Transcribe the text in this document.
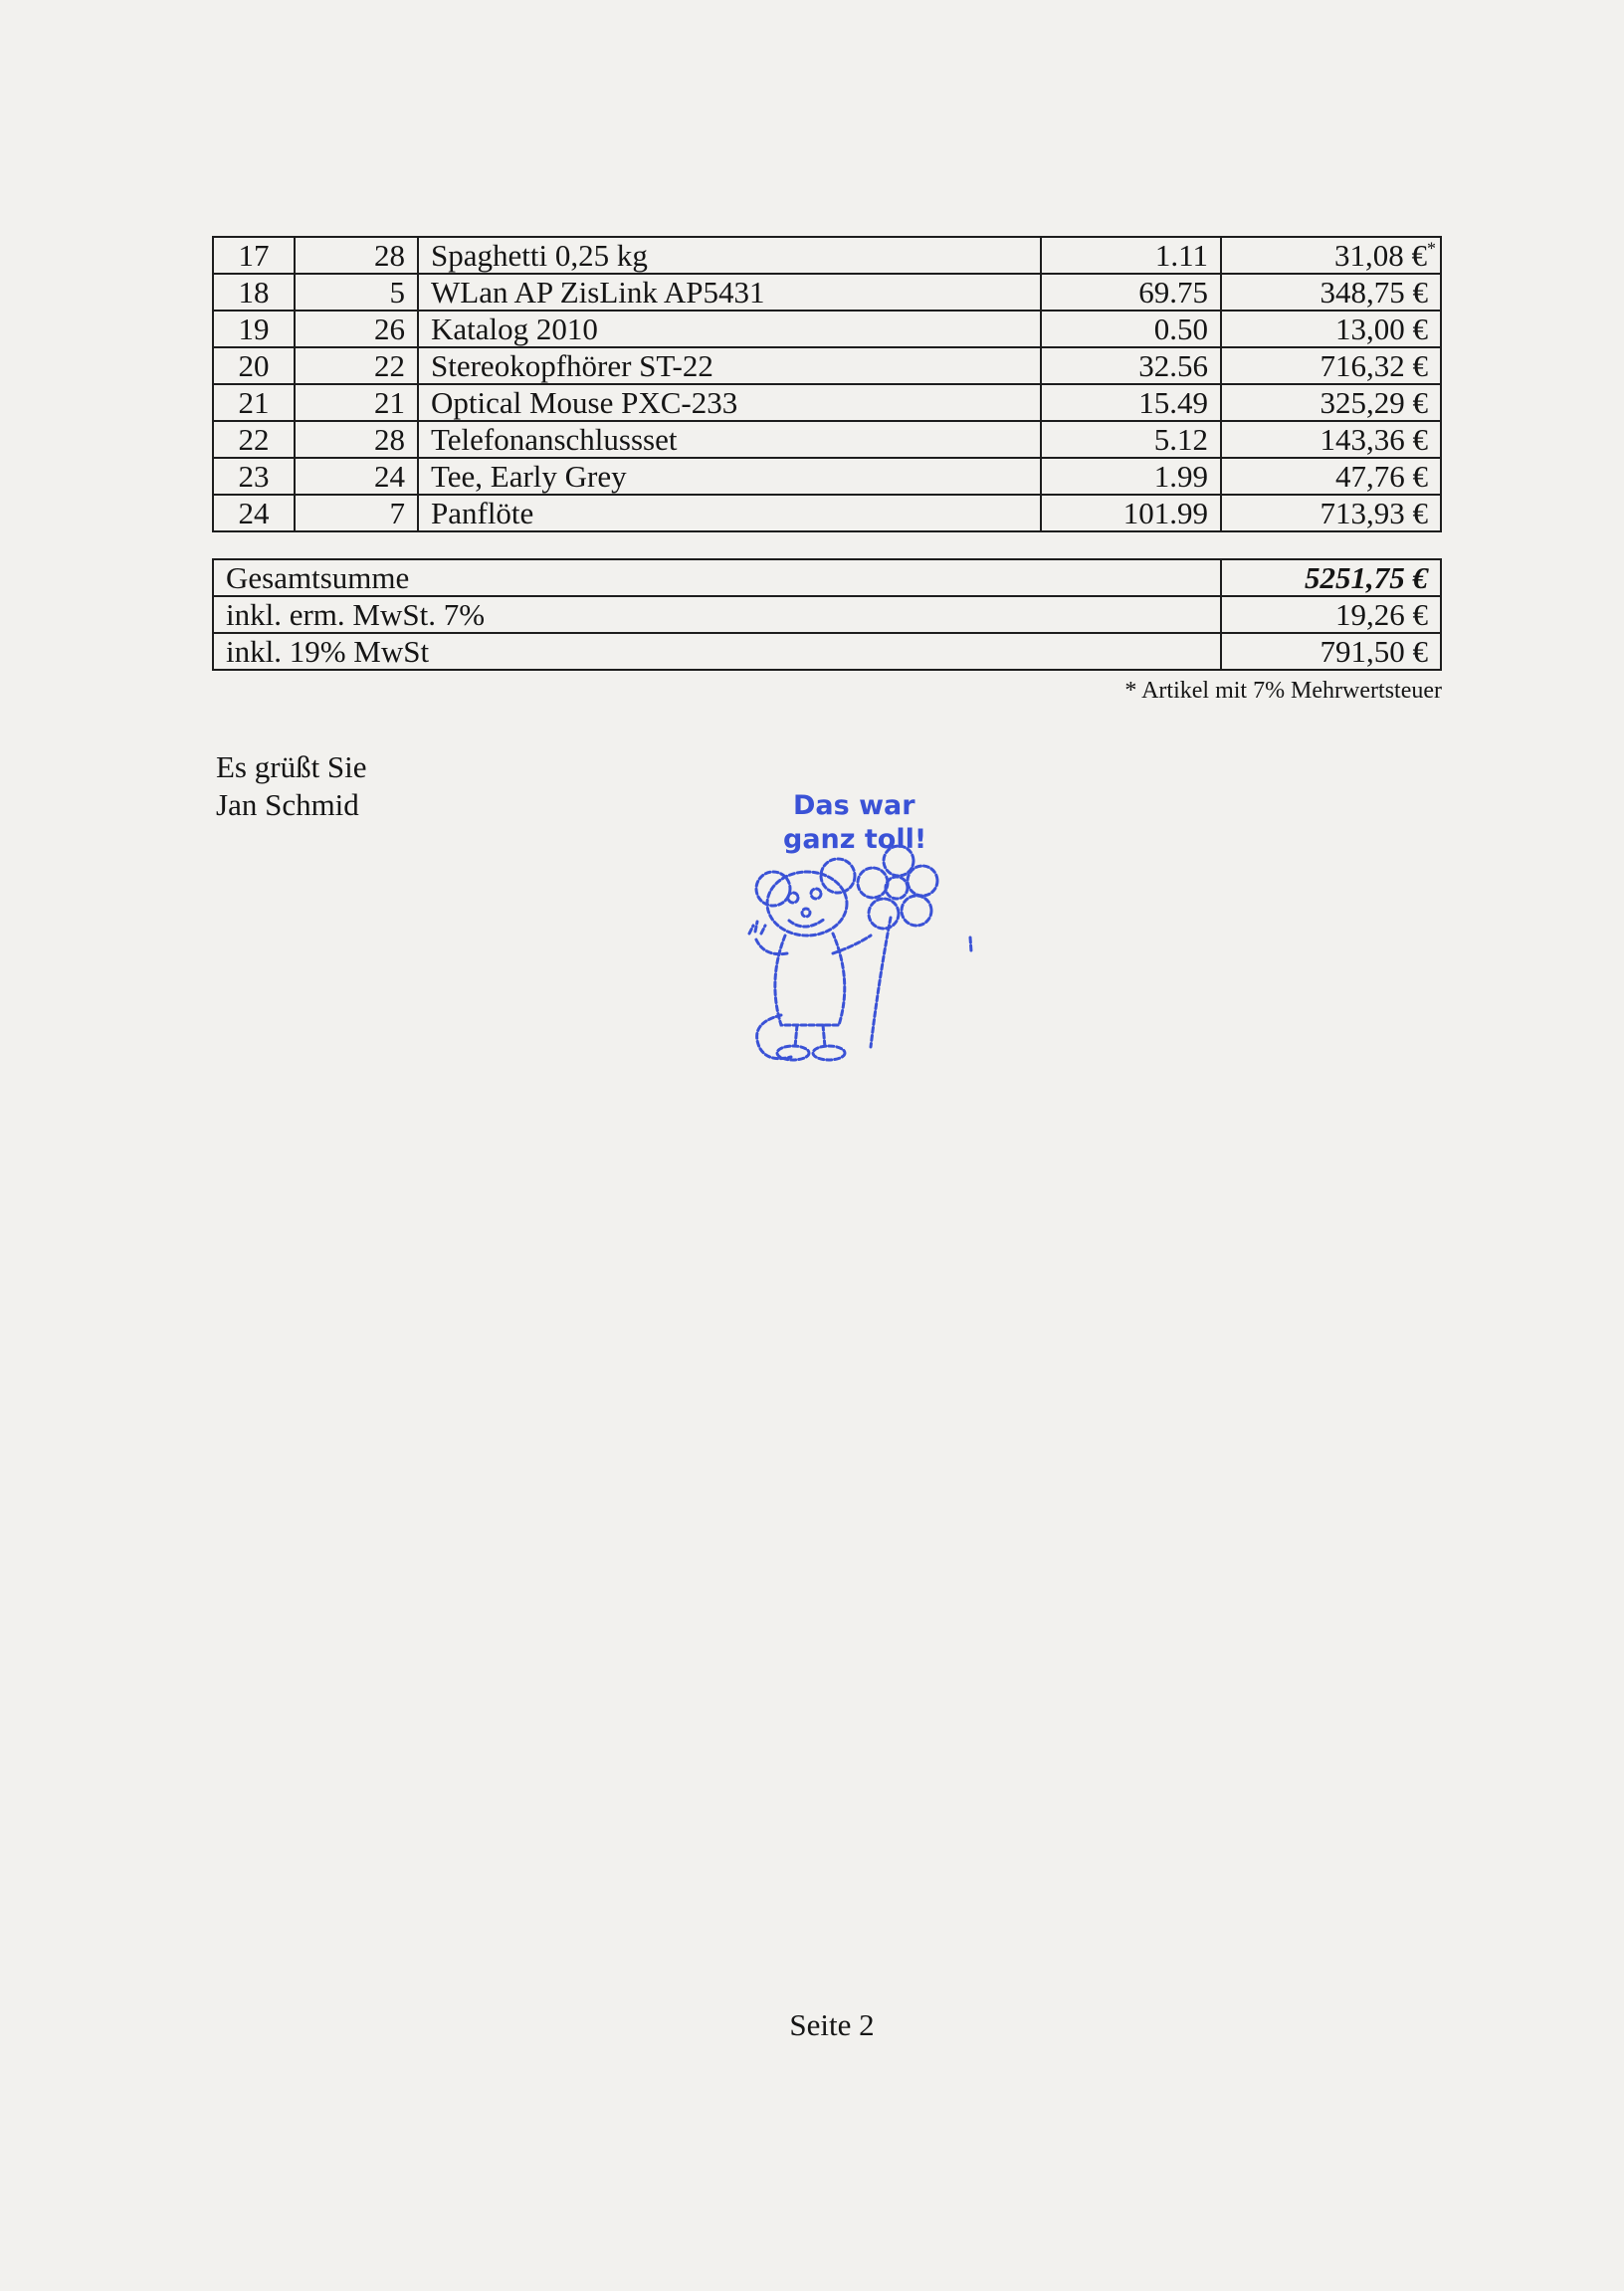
17	28	Spaghetti 0,25 kg	1.11	31,08 €*
18	5	WLan AP ZisLink AP5431	69.75	348,75 €
19	26	Katalog 2010	0.50	13,00 €
20	22	Stereokopfhörer ST-22	32.56	716,32 €
21	21	Optical Mouse PXC-233	15.49	325,29 €
22	28	Telefonanschlussset	5.12	143,36 €
23	24	Tee, Early Grey	1.99	47,76 €
24	7	Panflöte	101.99	713,93 €
Gesamtsumme	5251,75 €
inkl. erm. MwSt. 7%	19,26 €
inkl. 19% MwSt	791,50 €
* Artikel mit 7% Mehrwertsteuer
Es grüßt Sie
Jan Schmid	Das war
ganz toll!
Seite 2
